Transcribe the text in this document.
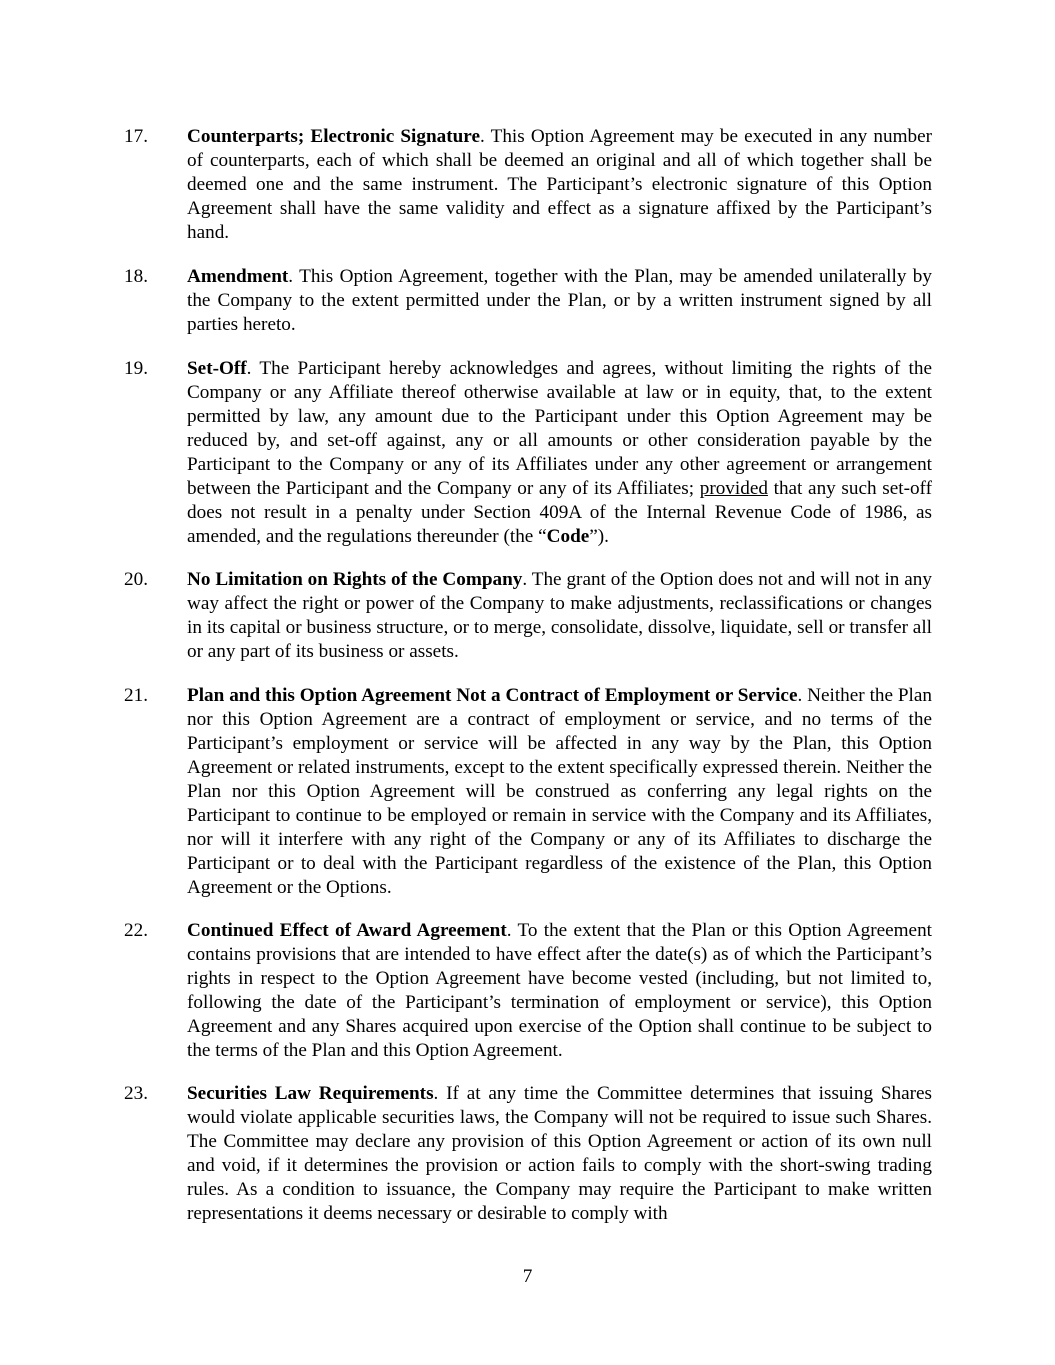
17.	Counterparts; Electronic Signature. This Option Agreement may be executed in any number of counterparts, each of which shall be deemed an original and all of which together shall be deemed one and the same instrument. The Participant’s electronic signature of this Option Agreement shall have the same validity and effect as a signature affixed by the Participant’s hand.
18.	Amendment. This Option Agreement, together with the Plan, may be amended unilaterally by the Company to the extent permitted under the Plan, or by a written instrument signed by all parties hereto.
19.	Set-Off. The Participant hereby acknowledges and agrees, without limiting the rights of the Company or any Affiliate thereof otherwise available at law or in equity, that, to the extent permitted by law, any amount due to the Participant under this Option Agreement may be reduced by, and set-off against, any or all amounts or other consideration payable by the Participant to the Company or any of its Affiliates under any other agreement or arrangement between the Participant and the Company or any of its Affiliates; provided that any such set-off does not result in a penalty under Section 409A of the Internal Revenue Code of 1986, as amended, and the regulations thereunder (the “Code”).
20.	No Limitation on Rights of the Company. The grant of the Option does not and will not in any way affect the right or power of the Company to make adjustments, reclassifications or changes in its capital or business structure, or to merge, consolidate, dissolve, liquidate, sell or transfer all or any part of its business or assets.
21.	Plan and this Option Agreement Not a Contract of Employment or Service. Neither the Plan nor this Option Agreement are a contract of employment or service, and no terms of the Participant’s employment or service will be affected in any way by the Plan, this Option Agreement or related instruments, except to the extent specifically expressed therein. Neither the Plan nor this Option Agreement will be construed as conferring any legal rights on the Participant to continue to be employed or remain in service with the Company and its Affiliates, nor will it interfere with any right of the Company or any of its Affiliates to discharge the Participant or to deal with the Participant regardless of the existence of the Plan, this Option Agreement or the Options.
22.	Continued Effect of Award Agreement. To the extent that the Plan or this Option Agreement contains provisions that are intended to have effect after the date(s) as of which the Participant’s rights in respect to the Option Agreement have become vested (including, but not limited to, following the date of the Participant’s termination of employment or service), this Option Agreement and any Shares acquired upon exercise of the Option shall continue to be subject to the terms of the Plan and this Option Agreement.
23.	Securities Law Requirements. If at any time the Committee determines that issuing Shares would violate applicable securities laws, the Company will not be required to issue such Shares. The Committee may declare any provision of this Option Agreement or action of its own null and void, if it determines the provision or action fails to comply with the short-swing trading rules. As a condition to issuance, the Company may require the Participant to make written representations it deems necessary or desirable to comply with
7
